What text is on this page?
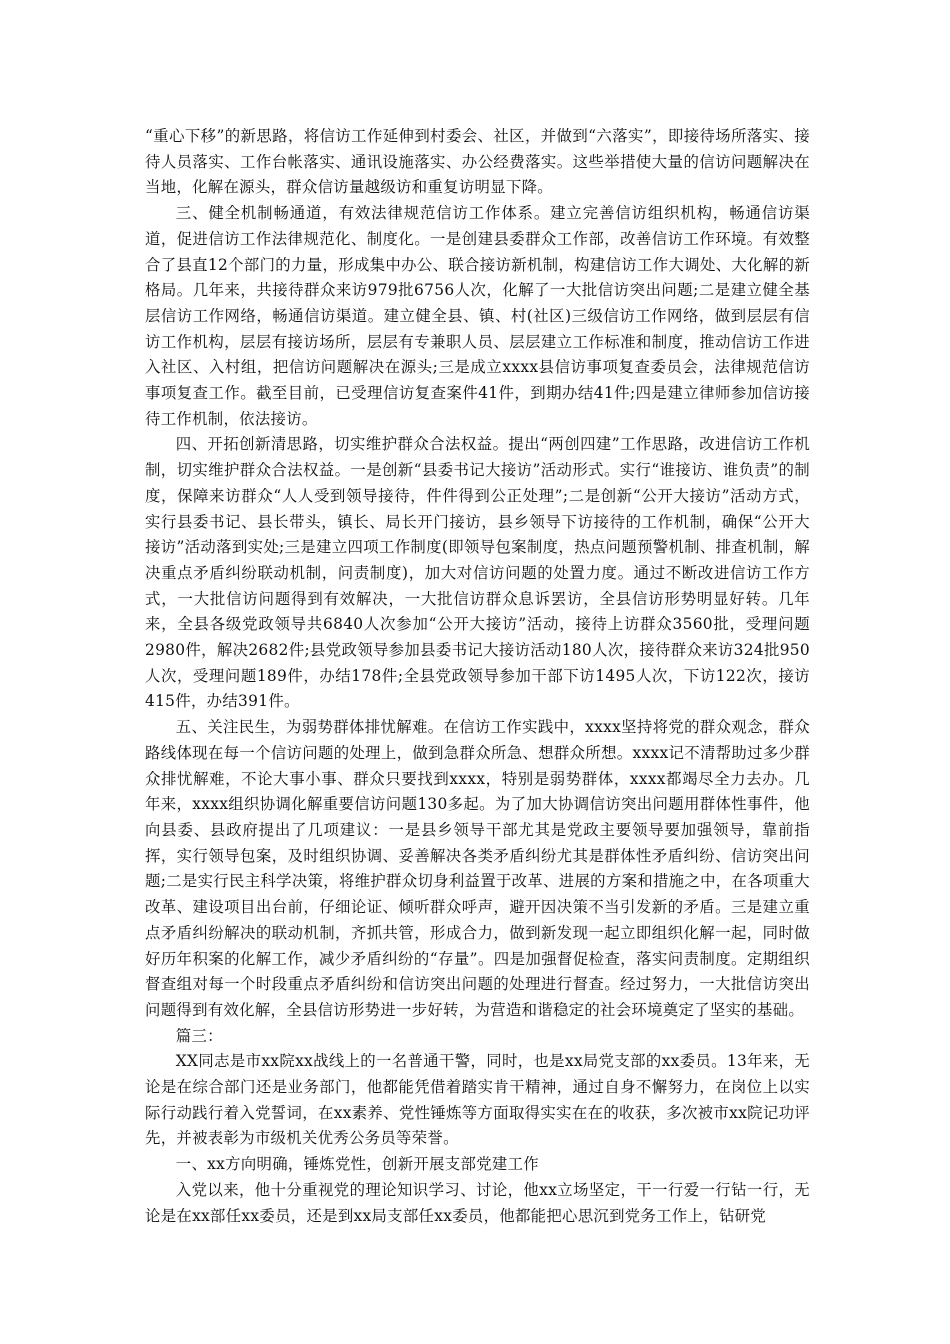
“重心下移”的新思路，将信访工作延伸到村委会、社区，并做到“六落实”，即接待场所落实、接待人员落实、工作台帐落实、通讯设施落实、办公经费落实。这些举措使大量的信访问题解决在当地，化解在源头，群众信访量越级访和重复访明显下降。

三、健全机制畅通道，有效法律规范信访工作体系。建立完善信访组织机构，畅通信访渠道，促进信访工作法律规范化、制度化。一是创建县委群众工作部，改善信访工作环境。有效整合了县直12个部门的力量，形成集中办公、联合接访新机制，构建信访工作大调处、大化解的新格局。几年来，共接待群众来访979批6756人次，化解了一大批信访突出问题;二是建立健全基层信访工作网络，畅通信访渠道。建立健全县、镇、村(社区)三级信访工作网络，做到层层有信访工作机构，层层有接访场所，层层有专兼职人员、层层建立工作标准和制度，推动信访工作进入社区、入村组，把信访问题解决在源头;三是成立xxxx县信访事项复查委员会，法律规范信访事项复查工作。截至目前，已受理信访复查案件41件，到期办结41件;四是建立律师参加信访接待工作机制，依法接访。

四、开拓创新清思路，切实维护群众合法权益。提出“两创四建”工作思路，改进信访工作机制，切实维护群众合法权益。一是创新“县委书记大接访”活动形式。实行“谁接访、谁负责”的制度，保障来访群众“人人受到领导接待，件件得到公正处理”;二是创新“公开大接访”活动方式，实行县委书记、县长带头，镇长、局长开门接访，县乡领导下访接待的工作机制，确保“公开大接访”活动落到实处;三是建立四项工作制度(即领导包案制度，热点问题预警机制、排查机制，解决重点矛盾纠纷联动机制，问责制度)，加大对信访问题的处置力度。通过不断改进信访工作方式，一大批信访问题得到有效解决，一大批信访群众息诉罢访，全县信访形势明显好转。几年来，全县各级党政领导共6840人次参加“公开大接访”活动，接待上访群众3560批，受理问题2980件，解决2682件;县党政领导参加县委书记大接访活动180人次，接待群众来访324批950人次，受理问题189件，办结178件;全县党政领导参加干部下访1495人次，下访122次，接访415件，办结391件。

五、关注民生，为弱势群体排忧解难。在信访工作实践中，xxxx坚持将党的群众观念，群众路线体现在每一个信访问题的处理上，做到急群众所急、想群众所想。xxxx记不清帮助过多少群众排忧解难，不论大事小事、群众只要找到xxxx，特别是弱势群体，xxxx都竭尽全力去办。几年来，xxxx组织协调化解重要信访问题130多起。为了加大协调信访突出问题用群体性事件，他向县委、县政府提出了几项建议：一是县乡领导干部尤其是党政主要领导要加强领导，靠前指挥，实行领导包案，及时组织协调、妥善解决各类矛盾纠纷尤其是群体性矛盾纠纷、信访突出问题;二是实行民主科学决策，将维护群众切身利益置于改革、进展的方案和措施之中，在各项重大改革、建设项目出台前，仔细论证、倾听群众呼声，避开因决策不当引发新的矛盾。三是建立重点矛盾纠纷解决的联动机制，齐抓共管，形成合力，做到新发现一起立即组织化解一起，同时做好历年积案的化解工作，减少矛盾纠纷的“存量”。四是加强督促检查，落实问责制度。定期组织督查组对每一个时段重点矛盾纠纷和信访突出问题的处理进行督查。经过努力，一大批信访突出问题得到有效化解，全县信访形势进一步好转，为营造和谐稳定的社会环境奠定了坚实的基础。

篇三：

XX同志是市xx院xx战线上的一名普通干警，同时，也是xx局党支部的xx委员。13年来，无论是在综合部门还是业务部门，他都能凭借着踏实肯干精神，通过自身不懈努力，在岗位上以实际行动践行着入党誓词，在xx素养、党性锤炼等方面取得实实在在的收获，多次被市xx院记功评先，并被表彰为市级机关优秀公务员等荣誉。

一、xx方向明确，锤炼党性，创新开展支部党建工作

入党以来，他十分重视党的理论知识学习、讨论，他xx立场坚定，干一行爱一行钻一行，无论是在xx部任xx委员，还是到xx局支部任xx委员，他都能把心思沉到党务工作上，钻研党
